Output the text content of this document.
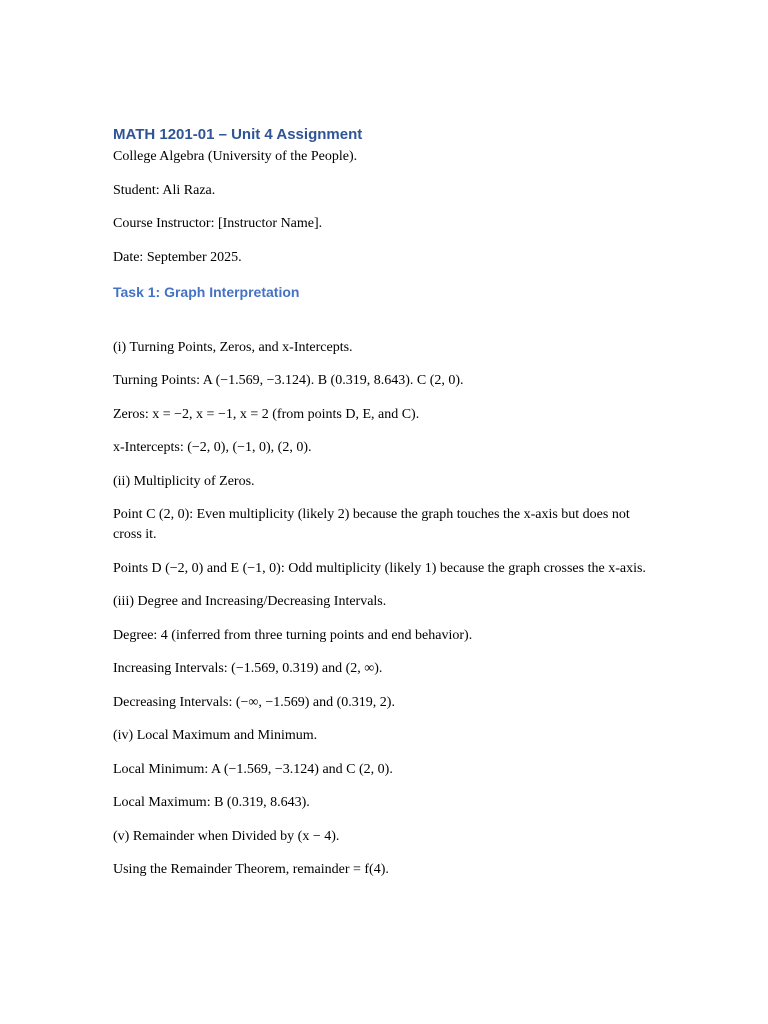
MATH 1201-01 – Unit 4 Assignment

College Algebra (University of the People).

Student: Ali Raza.

Course Instructor: [Instructor Name].

Date: September 2025.

Task 1: Graph Interpretation

(i) Turning Points, Zeros, and x-Intercepts.

Turning Points: A (−1.569, −3.124). B (0.319, 8.643). C (2, 0).

Zeros: x = −2, x = −1, x = 2 (from points D, E, and C).

x-Intercepts: (−2, 0), (−1, 0), (2, 0).

(ii) Multiplicity of Zeros.

Point C (2, 0): Even multiplicity (likely 2) because the graph touches the x-axis but does not cross it.

Points D (−2, 0) and E (−1, 0): Odd multiplicity (likely 1) because the graph crosses the x-axis.

(iii) Degree and Increasing/Decreasing Intervals.

Degree: 4 (inferred from three turning points and end behavior).

Increasing Intervals: (−1.569, 0.319) and (2, ∞).

Decreasing Intervals: (−∞, −1.569) and (0.319, 2).

(iv) Local Maximum and Minimum.

Local Minimum: A (−1.569, −3.124) and C (2, 0).

Local Maximum: B (0.319, 8.643).

(v) Remainder when Divided by (x − 4).

Using the Remainder Theorem, remainder = f(4).
